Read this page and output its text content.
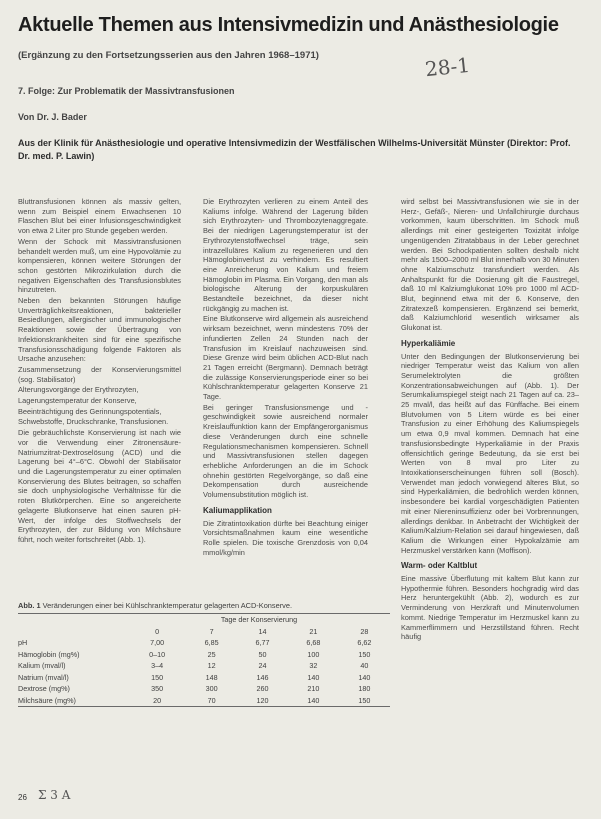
Aktuelle Themen aus Intensivmedizin und Anästhesiologie
(Ergänzung zu den Fortsetzungsserien aus den Jahren 1968–1971)	28-1
7. Folge: Zur Problematik der Massivtransfusionen
Von Dr. J. Bader
Aus der Klinik für Anästhesiologie und operative Intensivmedizin der Westfälischen Wilhelms-Universität Münster (Direktor: Prof. Dr. med. P. Lawin)

Bluttransfusionen können als massiv gelten, wenn zum Beispiel einem Erwachsenen 10 Flaschen Blut bei einer Infusionsgeschwindigkeit von etwa 2 Liter pro Stunde gegeben werden.

Wenn der Schock mit Massivtransfusionen behandelt werden muß, um eine Hypovolämie zu kompensieren, können weitere Störungen der schon gestörten Mikrozirkulation durch die negativen Eigenschaften des Transfusionsblutes hinzutreten.

Neben den bekannten Störungen häufige Unverträglichkeitsreaktionen, bakterieller Besiedlungen, allergischer und immunologischer Reaktionen sowie der Übertragung von Infektionskrankheiten sind für eine spezifische Transfusionsschädigung folgende Faktoren als Ursache anzusehen:

Zusammensetzung der Konservierungsmittel (sog. Stabilisator)

Alterungsvorgänge der Erythrozyten,

Lagerungstemperatur der Konserve,

Beeinträchtigung des Gerinnungspotentials,

Schwebstoffe, Druckschranke, Transfusionen.

Die gebräuchlichste Konservierung ist nach wie vor die Verwendung einer Zitronensäure-Natriumzitrat-Dextroselösung (ACD) und die Lagerung bei 4°–6°C. Obwohl der Stabilisator und die Lagerungstemperatur zu einer optimalen Konservierung des Blutes beitragen, so schaffen sie doch unphysiologische Verhältnisse für die roten Blutkörperchen. Eine so angereicherte gelagerte Blutkonserve hat einen sauren pH-Wert, der infolge des Stoffwechsels der Erythrozyten, der zur Bildung von Milchsäure führt, noch weiter fortschreitet (Abb. 1).

Die Erythrozyten verlieren zu einem Anteil des Kaliums infolge. Während der Lagerung bilden sich Erythrozyten- und Thrombozytenaggregate. Bei der niedrigen Lagerungstemperatur ist der Erythrozytenstoffwechsel träge, sein intrazelluläres Kalium zu regenerieren und den Hämoglobinverlust zu verhindern. Es resultiert eine Anreicherung von Kalium und freiem Hämoglobin im Plasma. Ein Vorgang, den man als biologische Alterung der korpuskulären Bestandteile bezeichnet, da dieser nicht rückgängig zu machen ist.

Eine Blutkonserve wird allgemein als ausreichend wirksam bezeichnet, wenn mindestens 70% der infundierten Zellen 24 Stunden nach der Transfusion im Kreislauf nachzuweisen sind. Diese Grenze wird beim üblichen ACD-Blut nach 21 Tagen erreicht (Bergmann). Demnach beträgt die zulässige Konservierungsperiode einer so bei Kühlschranktemperatur gelagerten Konserve 21 Tage.

Bei geringer Transfusionsmenge und -geschwindigkeit sowie ausreichend normaler Kreislauffunktion kann der Empfängerorganismus diese Veränderungen durch eine schnelle Regulationsmechanismen kompensieren. Schnell und Massivtransfusionen stellen dagegen erhebliche Anforderungen an die im Schock ohnehin gestörten Regelvorgänge, so daß eine Dekompensation durch ausreichende Volumensubstitution möglich ist.

Kaliumapplikation

Die Zitratintoxikation dürfte bei Beachtung einiger Vorsichtsmaßnahmen kaum eine wesentliche Rolle spielen. Die toxische Grenzdosis von 0,04 mmol/kg/min

wird selbst bei Massivtransfusionen wie sie in der Herz-, Gefäß-, Nieren- und Unfallchirurgie durchaus vorkommen, kaum überschritten. Im Schock muß allerdings mit einer gesteigerten Toxizität infolge ungenügenden Zitratabbaus in der Leber gerechnet werden. Bei Schockpatienten sollten deshalb nicht mehr als 1500–2000 ml Blut innerhalb von 30 Minuten ohne Kalziumschutz transfundiert werden. Als Anhaltspunkt für die Dosierung gilt die Faustregel, daß 10 ml Kalziumglukonat 10% pro 1000 ml ACD-Blut, beginnend etwa mit der 6. Konserve, den Zitratexzeß kompensieren. Ergänzend sei bemerkt, daß Kalziumchlorid wesentlich wirksamer als Glukonat ist.

Hyperkaliämie

Unter den Bedingungen der Blutkonservierung bei niedriger Temperatur weist das Kalium von allen Serumelektrolyten die größten Konzentrationsabweichungen auf (Abb. 1). Der Serumkaliumspiegel steigt nach 21 Tagen auf ca. 23–25 mval/l, das heißt auf das Fünffache. Bei einem Blutvolumen von 5 Litern würde es bei einer Transfusion zu einer Erhöhung des Kaliumspiegels um etwa 0,9 mval kommen. Demnach hat eine transfusionsbedingte Hyperkaliämie in der Praxis offensichtlich geringe Bedeutung, da sie erst bei Werten von 8 mval pro Liter zu Intoxikationserscheinungen führen soll (Bosch). Verwendet man jedoch vorwiegend älteres Blut, so sind Hyperkaliämien, die bedrohlich werden können, insbesondere bei kardial vorgeschädigten Patienten mit einer Niereninsuffizienz oder bei Vorbrennungen, allerdings denkbar. In Anbetracht der Wichtigkeit der Kalium/Kalzium-Relation sei darauf hingewiesen, daß Kalium die Wirkungen einer Hypokalzämie am Herzmuskel verstärken kann (Moffison).

Warm- oder Kaltblut

Eine massive Überflutung mit kaltem Blut kann zur Hypothermie führen. Besonders hochgradig wird das Herz heruntergekühlt (Abb. 2), wodurch es zur Verminderung von Herzkraft und Minutenvolumen kommt. Niedrige Temperatur im Herzmuskel kann zu Kammerflimmern und Herzstillstand führen. Recht häufig

Abb. 1 Veränderungen einer bei Kühlschranktemperatur gelagerten ACD-Konserve.
	Tage der Konservierung				
	0	7	14	21	28
pH	7,00	6,85	6,77	6,68	6,62
Hämoglobin (mg%)	0–10	25	50	100	150
Kalium (mval/l)	3–4	12	24	32	40
Natrium (mval/l)	150	148	146	140	140
Dextrose (mg%)	350	300	260	210	180
Milchsäure (mg%)	20	70	120	140	150
26 Σ 3 A
